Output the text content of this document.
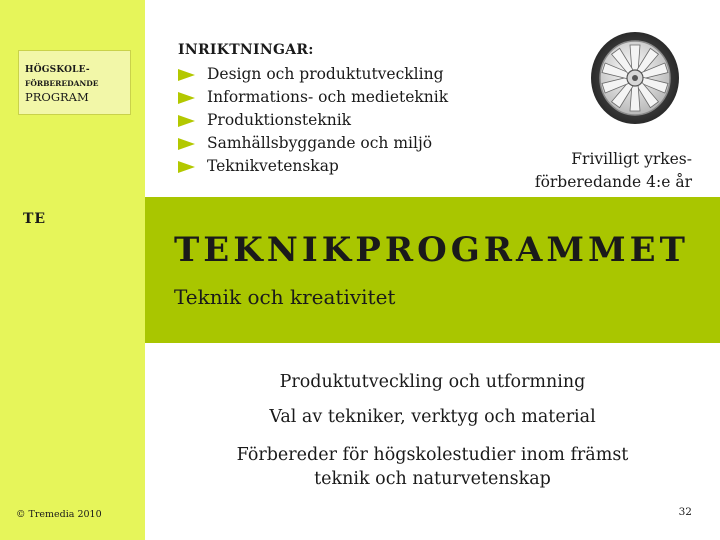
HÖGSKOLE-
FÖRBEREDANDE
PROGRAM
TE
INRIKTNINGAR:
Design och produktutveckling
Informations- och medieteknik
Produktionsteknik
Samhällsbyggande och miljö
Teknikvetenskap	Frivilligt yrkes-
förberedande 4:e år
TEKNIKPROGRAMMET
Teknik och kreativitet
Produktutveckling och utformning
Val av tekniker, verktyg och material
Förbereder för högskolestudier inom främst
teknik och naturvetenskap
© Tremedia 2010	32
